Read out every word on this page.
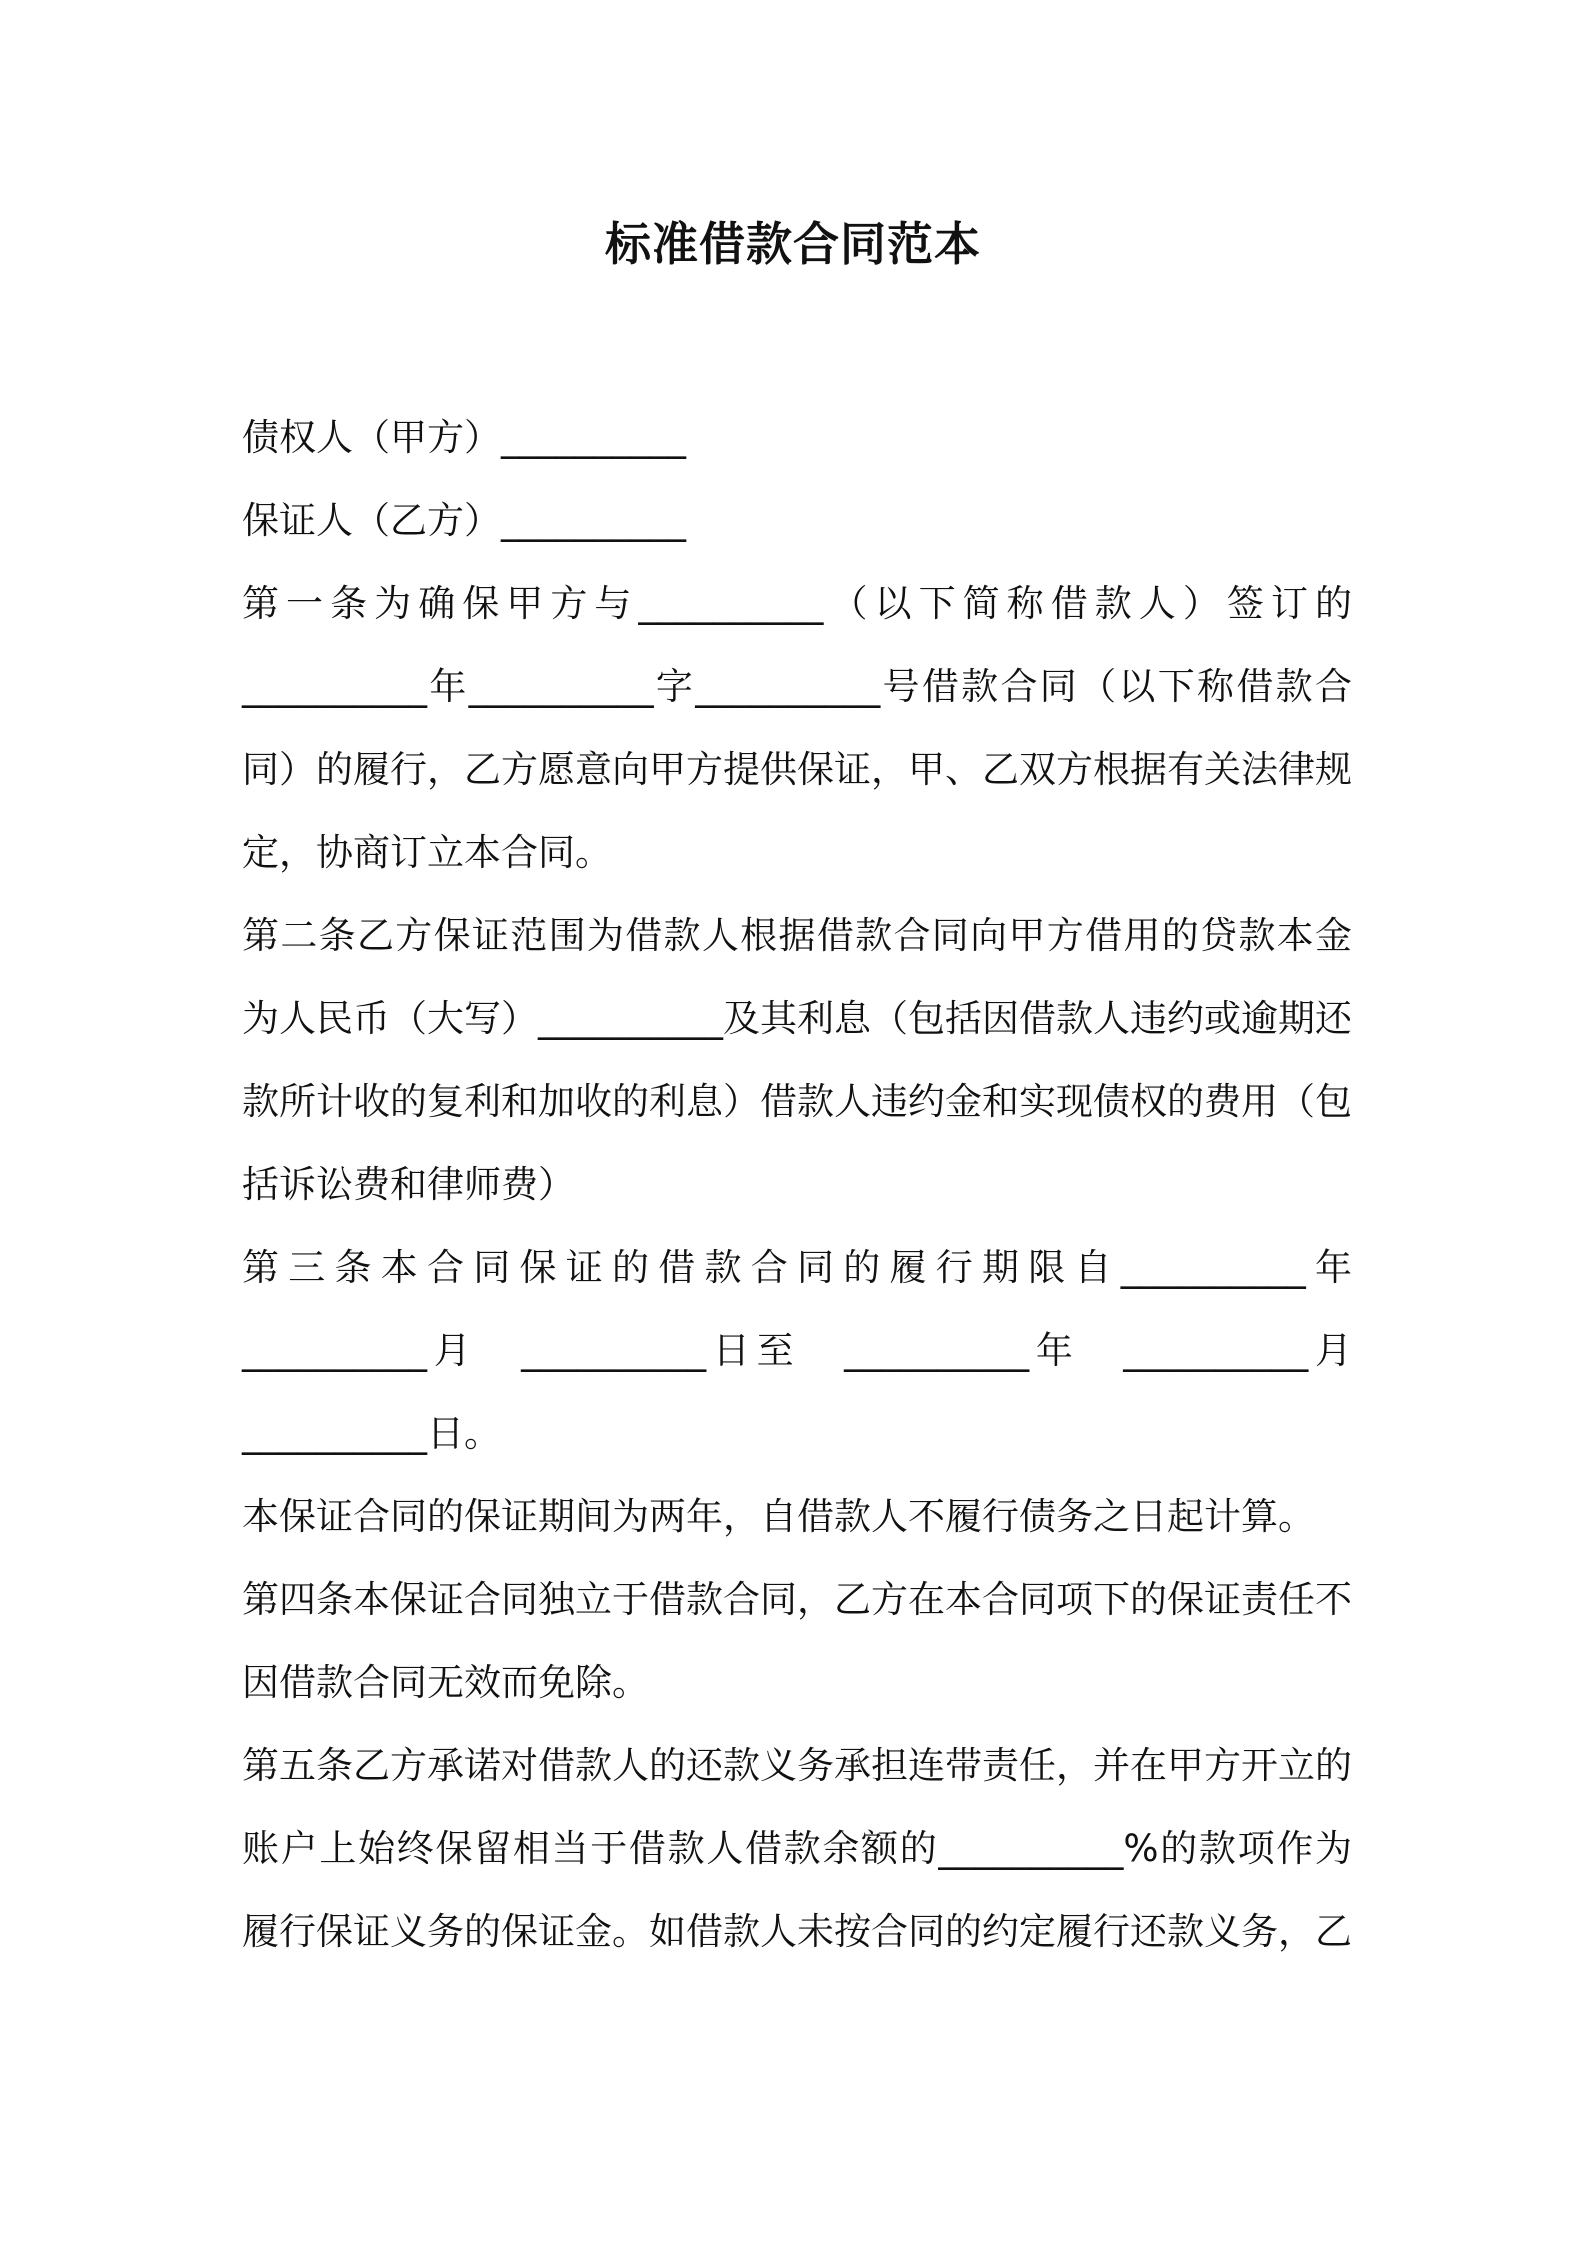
标准借款合同范本
债权人（甲方）__________
保证人（乙方）__________
第一条为确保甲方与__________（以下简称借款人）签订的
__________年__________字__________号借款合同（以下称借款合
同）的履行，乙方愿意向甲方提供保证，甲、乙双方根据有关法律规
定，协商订立本合同。
第二条乙方保证范围为借款人根据借款合同向甲方借用的贷款本金
为人民币（大写）__________及其利息（包括因借款人违约或逾期还
款所计收的复利和加收的利息）借款人违约金和实现债权的费用（包
括诉讼费和律师费）
第三条本合同保证的借款合同的履行期限自__________年
__________月　__________日至　__________年　__________月
__________日。
本保证合同的保证期间为两年，自借款人不履行债务之日起计算。
第四条本保证合同独立于借款合同，乙方在本合同项下的保证责任不
因借款合同无效而免除。
第五条乙方承诺对借款人的还款义务承担连带责任，并在甲方开立的
账户上始终保留相当于借款人借款余额的__________%的款项作为
履行保证义务的保证金。如借款人未按合同的约定履行还款义务，乙
